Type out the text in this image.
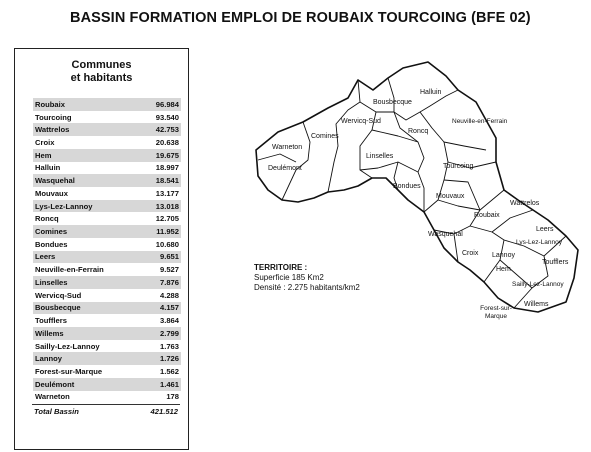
BASSIN FORMATION EMPLOI DE ROUBAIX TOURCOING (BFE 02)
Communes
et habitants
Roubaix	96.984
Tourcoing	93.540
Wattrelos	42.753
Croix	20.638
Hem	19.675
Halluin	18.997
Wasquehal	18.541
Mouvaux	13.177
Lys-Lez-Lannoy	13.018
Roncq	12.705
Comines	11.952
Bondues	10.680
Leers	9.651
Neuville-en-Ferrain	9.527
Linselles	7.876
Wervicq-Sud	4.288
Bousbecque	4.157
Toufflers	3.864
Willems	2.799
Sailly-Lez-Lannoy	1.763
Lannoy	1.726
Forest-sur-Marque	1.562
Deulémont	1.461
Warneton	178
Total Bassin	421.512
Halluin
Bousbecque
Wervicq-Sud
Comines
Warneton
Deulémont
Roncq
Neuville-en-Ferrain
Linselles
Tourcoing
Bondues
Mouvaux
Roubaix
Wattrelos
Wasquehal
Leers
Lys-Lez-Lannoy
Croix Lannoy
Toufflers
Hem
Sailly-Lez-Lannoy
Willems
Forest-sur-Marque
TERRITOIRE :
Superficie 185 Km2
Densité : 2.275 habitants/km2
